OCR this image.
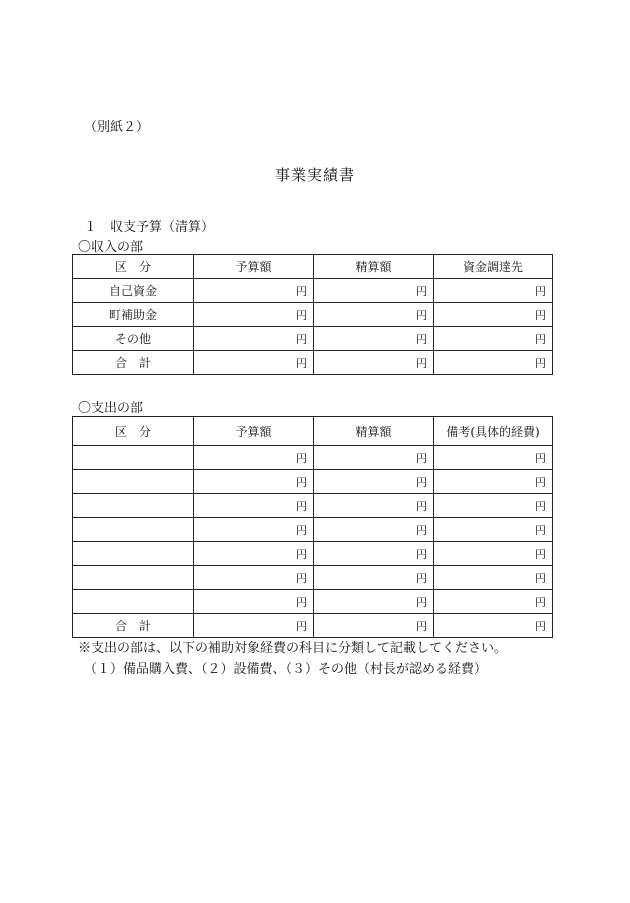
（別紙２）
事業実績書
１　収支予算（清算）
〇収入の部
区　分	予算額	精算額	資金調達先
自己資金	円	円	円
町補助金	円	円	円
その他	円	円	円
合　計	円	円	円
〇支出の部
区　分	予算額	精算額	備考(具体的経費)
	円	円	円
	円	円	円
	円	円	円
	円	円	円
	円	円	円
	円	円	円
	円	円	円
合　計	円	円	円
※支出の部は、以下の補助対象経費の科目に分類して記載してください。
（１）備品購入費、（２）設備費、（３）その他（村長が認める経費）
